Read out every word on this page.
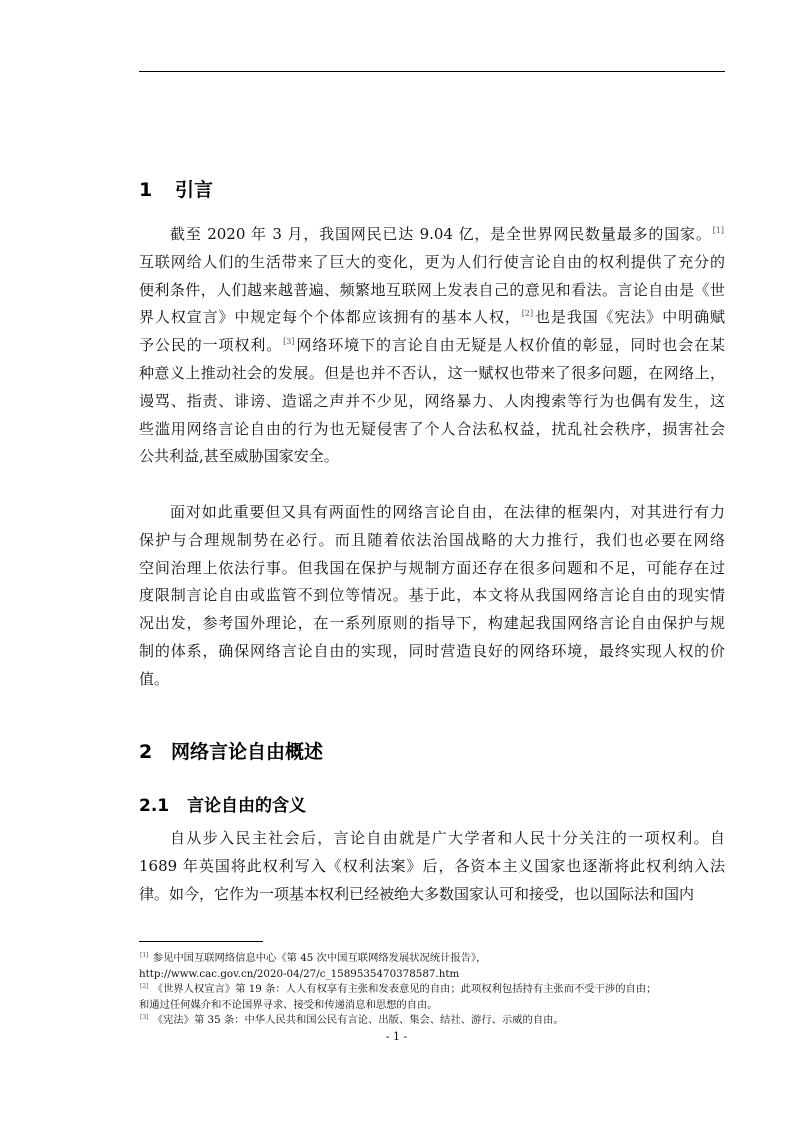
1 引言
截至 2020 年 3 月，我国网民已达 9.04 亿，是全世界网民数量最多的国家。[1]
互联网给人们的生活带来了巨大的变化，更为人们行使言论自由的权利提供了充分的
便利条件，人们越来越普遍、频繁地互联网上发表自己的意见和看法。言论自由是《世
界人权宣言》中规定每个个体都应该拥有的基本人权，[2]也是我国《宪法》中明确赋
予公民的一项权利。[3]网络环境下的言论自由无疑是人权价值的彰显，同时也会在某
种意义上推动社会的发展。但是也并不否认，这一赋权也带来了很多问题，在网络上，
谩骂、指责、诽谤、造谣之声并不少见，网络暴力、人肉搜索等行为也偶有发生，这
些滥用网络言论自由的行为也无疑侵害了个人合法私权益，扰乱社会秩序，损害社会
公共利益,甚至威胁国家安全。
面对如此重要但又具有两面性的网络言论自由，在法律的框架内，对其进行有力
保护与合理规制势在必行。而且随着依法治国战略的大力推行，我们也必要在网络
空间治理上依法行事。但我国在保护与规制方面还存在很多问题和不足，可能存在过
度限制言论自由或监管不到位等情况。基于此，本文将从我国网络言论自由的现实情
况出发，参考国外理论，在一系列原则的指导下，构建起我国网络言论自由保护与规
制的体系，确保网络言论自由的实现，同时营造良好的网络环境，最终实现人权的价
值。
2 网络言论自由概述
2.1 言论自由的含义
自从步入民主社会后，言论自由就是广大学者和人民十分关注的一项权利。自
1689 年英国将此权利写入《权利法案》后，各资本主义国家也逐渐将此权利纳入法
律。如今，它作为一项基本权利已经被绝大多数国家认可和接受，也以国际法和国内
[1] 参见中国互联网络信息中心《第 45 次中国互联网络发展状况统计报告》，
http://www.cac.gov.cn/2020-04/27/c_1589535470378587.htm
[2] 《世界人权宣言》第 19 条：人人有权享有主张和发表意见的自由；此项权利包括持有主张而不受干涉的自由；
和通过任何媒介和不论国界寻求、接受和传递消息和思想的自由。
[3] 《宪法》第 35 条：中华人民共和国公民有言论、出版、集会、结社、游行、示威的自由。
- 1 -
